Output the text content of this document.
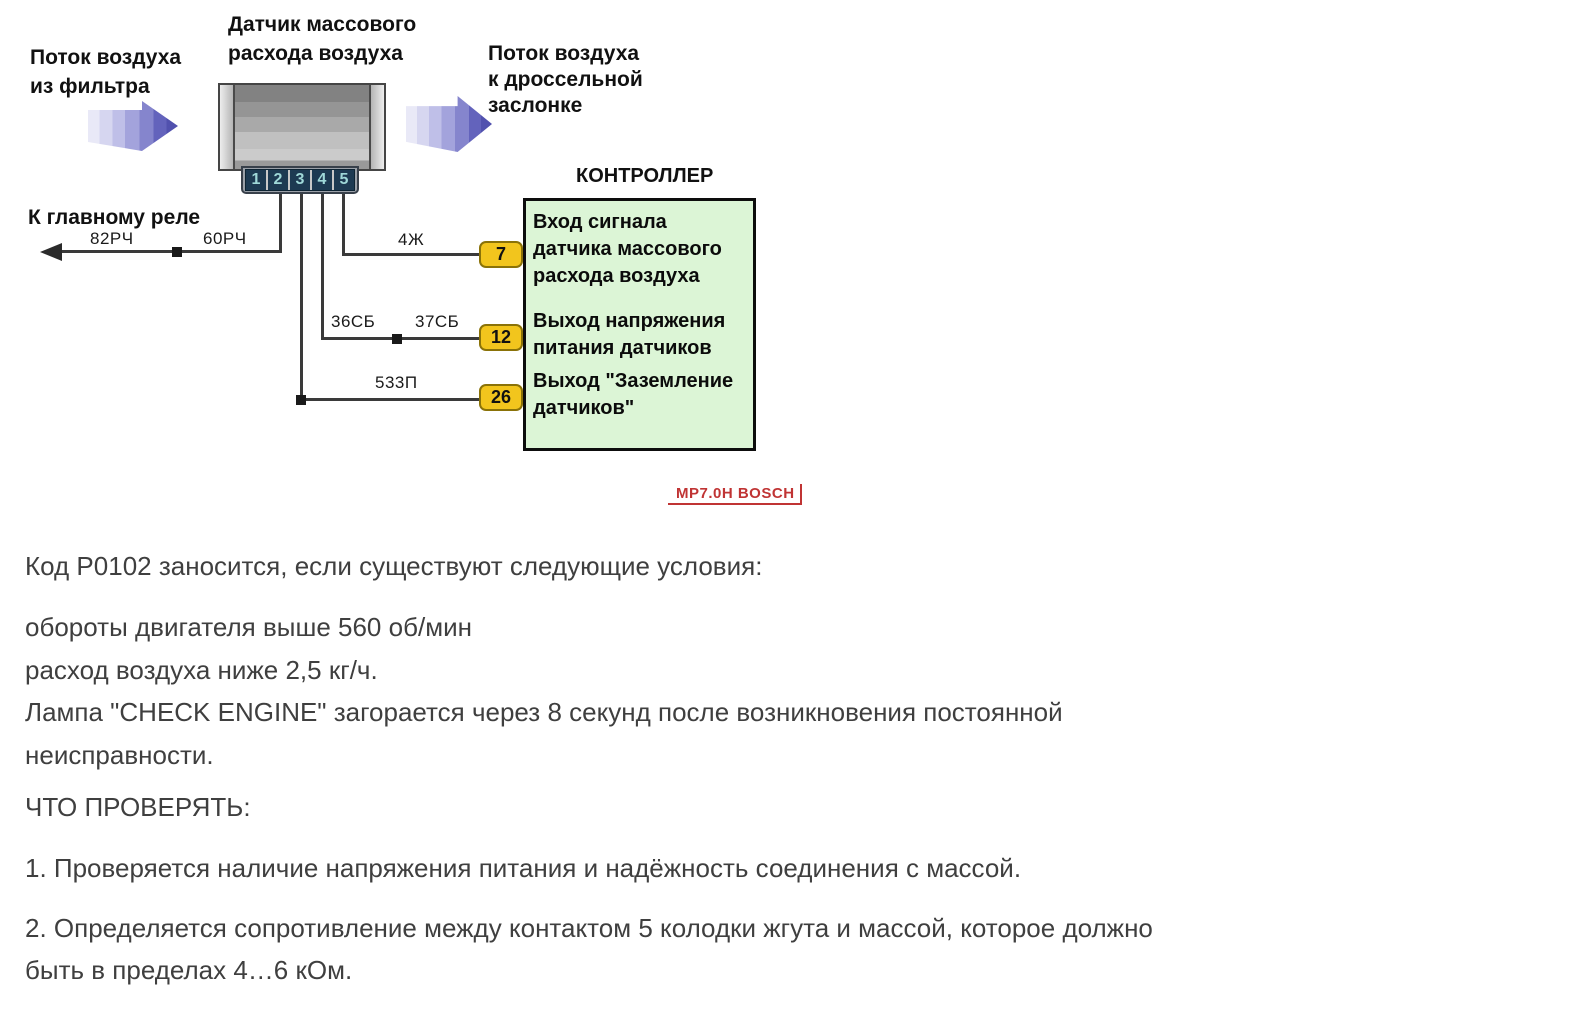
Датчик массового
расхода воздуха
Поток воздуха
из фильтра
Поток воздуха
к дроссельной
заслонке
К главному реле
1 2 3 4 5
82РЧ	60РЧ	4Ж
36СБ 37СБ
533П
КОНТРОЛЛЕР
7
12
26
Вход сигнала
датчика массового
расхода воздуха
Выход напряжения
питания датчиков
Выход "Заземление
датчиков"
MP7.0H BOSCH
Код P0102 заносится, если существуют следующие условия:
обороты двигателя выше 560 об/мин
расход воздуха ниже 2,5 кг/ч.
Лампа "CHECK ENGINE" загорается через 8 секунд после возникновения постоянной
неисправности.
ЧТО ПРОВЕРЯТЬ:
1. Проверяется наличие напряжения питания и надёжность соединения с массой.
2. Определяется сопротивление между контактом 5 колодки жгута и массой, которое должно
быть в пределах 4…6 кОм.
